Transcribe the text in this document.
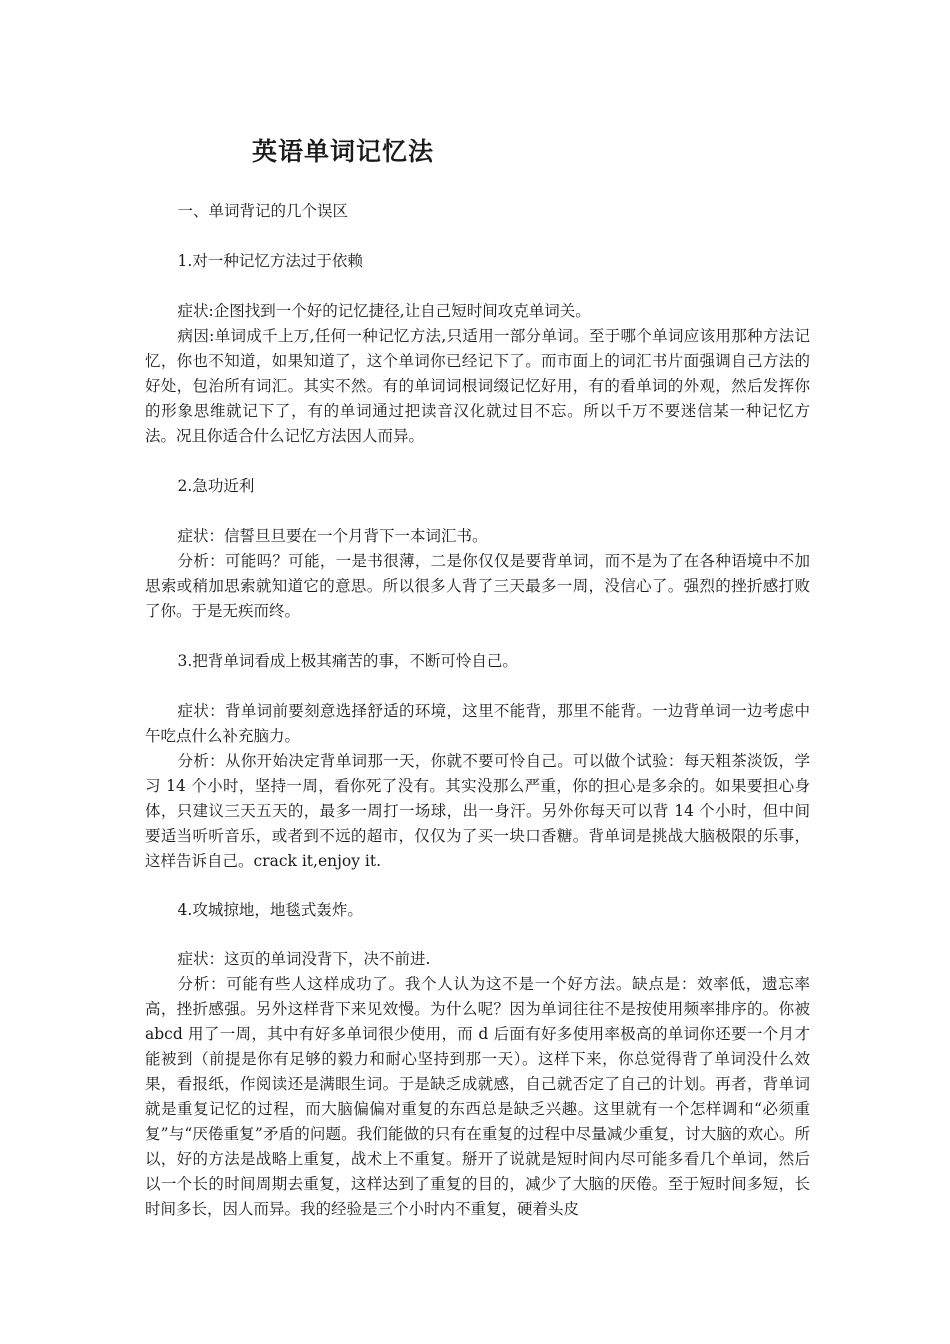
英语单词记忆法

一、单词背记的几个误区

1.对一种记忆方法过于依赖

症状:企图找到一个好的记忆捷径,让自己短时间攻克单词关。

病因:单词成千上万,任何一种记忆方法,只适用一部分单词。至于哪个单词应该用那种方法记忆，你也不知道，如果知道了，这个单词你已经记下了。而市面上的词汇书片面强调自己方法的好处，包治所有词汇。其实不然。有的单词词根词缀记忆好用，有的看单词的外观，然后发挥你的形象思维就记下了，有的单词通过把读音汉化就过目不忘。所以千万不要迷信某一种记忆方法。况且你适合什么记忆方法因人而异。

2.急功近利

症状：信誓旦旦要在一个月背下一本词汇书。

分析：可能吗？可能，一是书很薄，二是你仅仅是要背单词，而不是为了在各种语境中不加思索或稍加思索就知道它的意思。所以很多人背了三天最多一周，没信心了。强烈的挫折感打败了你。于是无疾而终。

3.把背单词看成上极其痛苦的事，不断可怜自己。

症状：背单词前要刻意选择舒适的环境，这里不能背，那里不能背。一边背单词一边考虑中午吃点什么补充脑力。

分析：从你开始决定背单词那一天，你就不要可怜自己。可以做个试验：每天粗茶淡饭，学习 14 个小时，坚持一周，看你死了没有。其实没那么严重，你的担心是多余的。如果要担心身体，只建议三天五天的，最多一周打一场球，出一身汗。另外你每天可以背 14 个小时，但中间要适当听听音乐，或者到不远的超市，仅仅为了买一块口香糖。背单词是挑战大脑极限的乐事，这样告诉自己。crack it,enjoy it.

4.攻城掠地，地毯式轰炸。

症状：这页的单词没背下，决不前进.

分析：可能有些人这样成功了。我个人认为这不是一个好方法。缺点是：效率低，遗忘率高，挫折感强。另外这样背下来见效慢。为什么呢？因为单词往往不是按使用频率排序的。你被 abcd 用了一周，其中有好多单词很少使用，而 d 后面有好多使用率极高的单词你还要一个月才能被到（前提是你有足够的毅力和耐心坚持到那一天）。这样下来，你总觉得背了单词没什么效果，看报纸，作阅读还是满眼生词。于是缺乏成就感，自己就否定了自己的计划。再者，背单词就是重复记忆的过程，而大脑偏偏对重复的东西总是缺乏兴趣。这里就有一个怎样调和“必须重复”与“厌倦重复”矛盾的问题。我们能做的只有在重复的过程中尽量减少重复，讨大脑的欢心。所以，好的方法是战略上重复，战术上不重复。掰开了说就是短时间内尽可能多看几个单词，然后以一个长的时间周期去重复，这样达到了重复的目的，减少了大脑的厌倦。至于短时间多短，长时间多长，因人而异。我的经验是三个小时内不重复，硬着头皮
